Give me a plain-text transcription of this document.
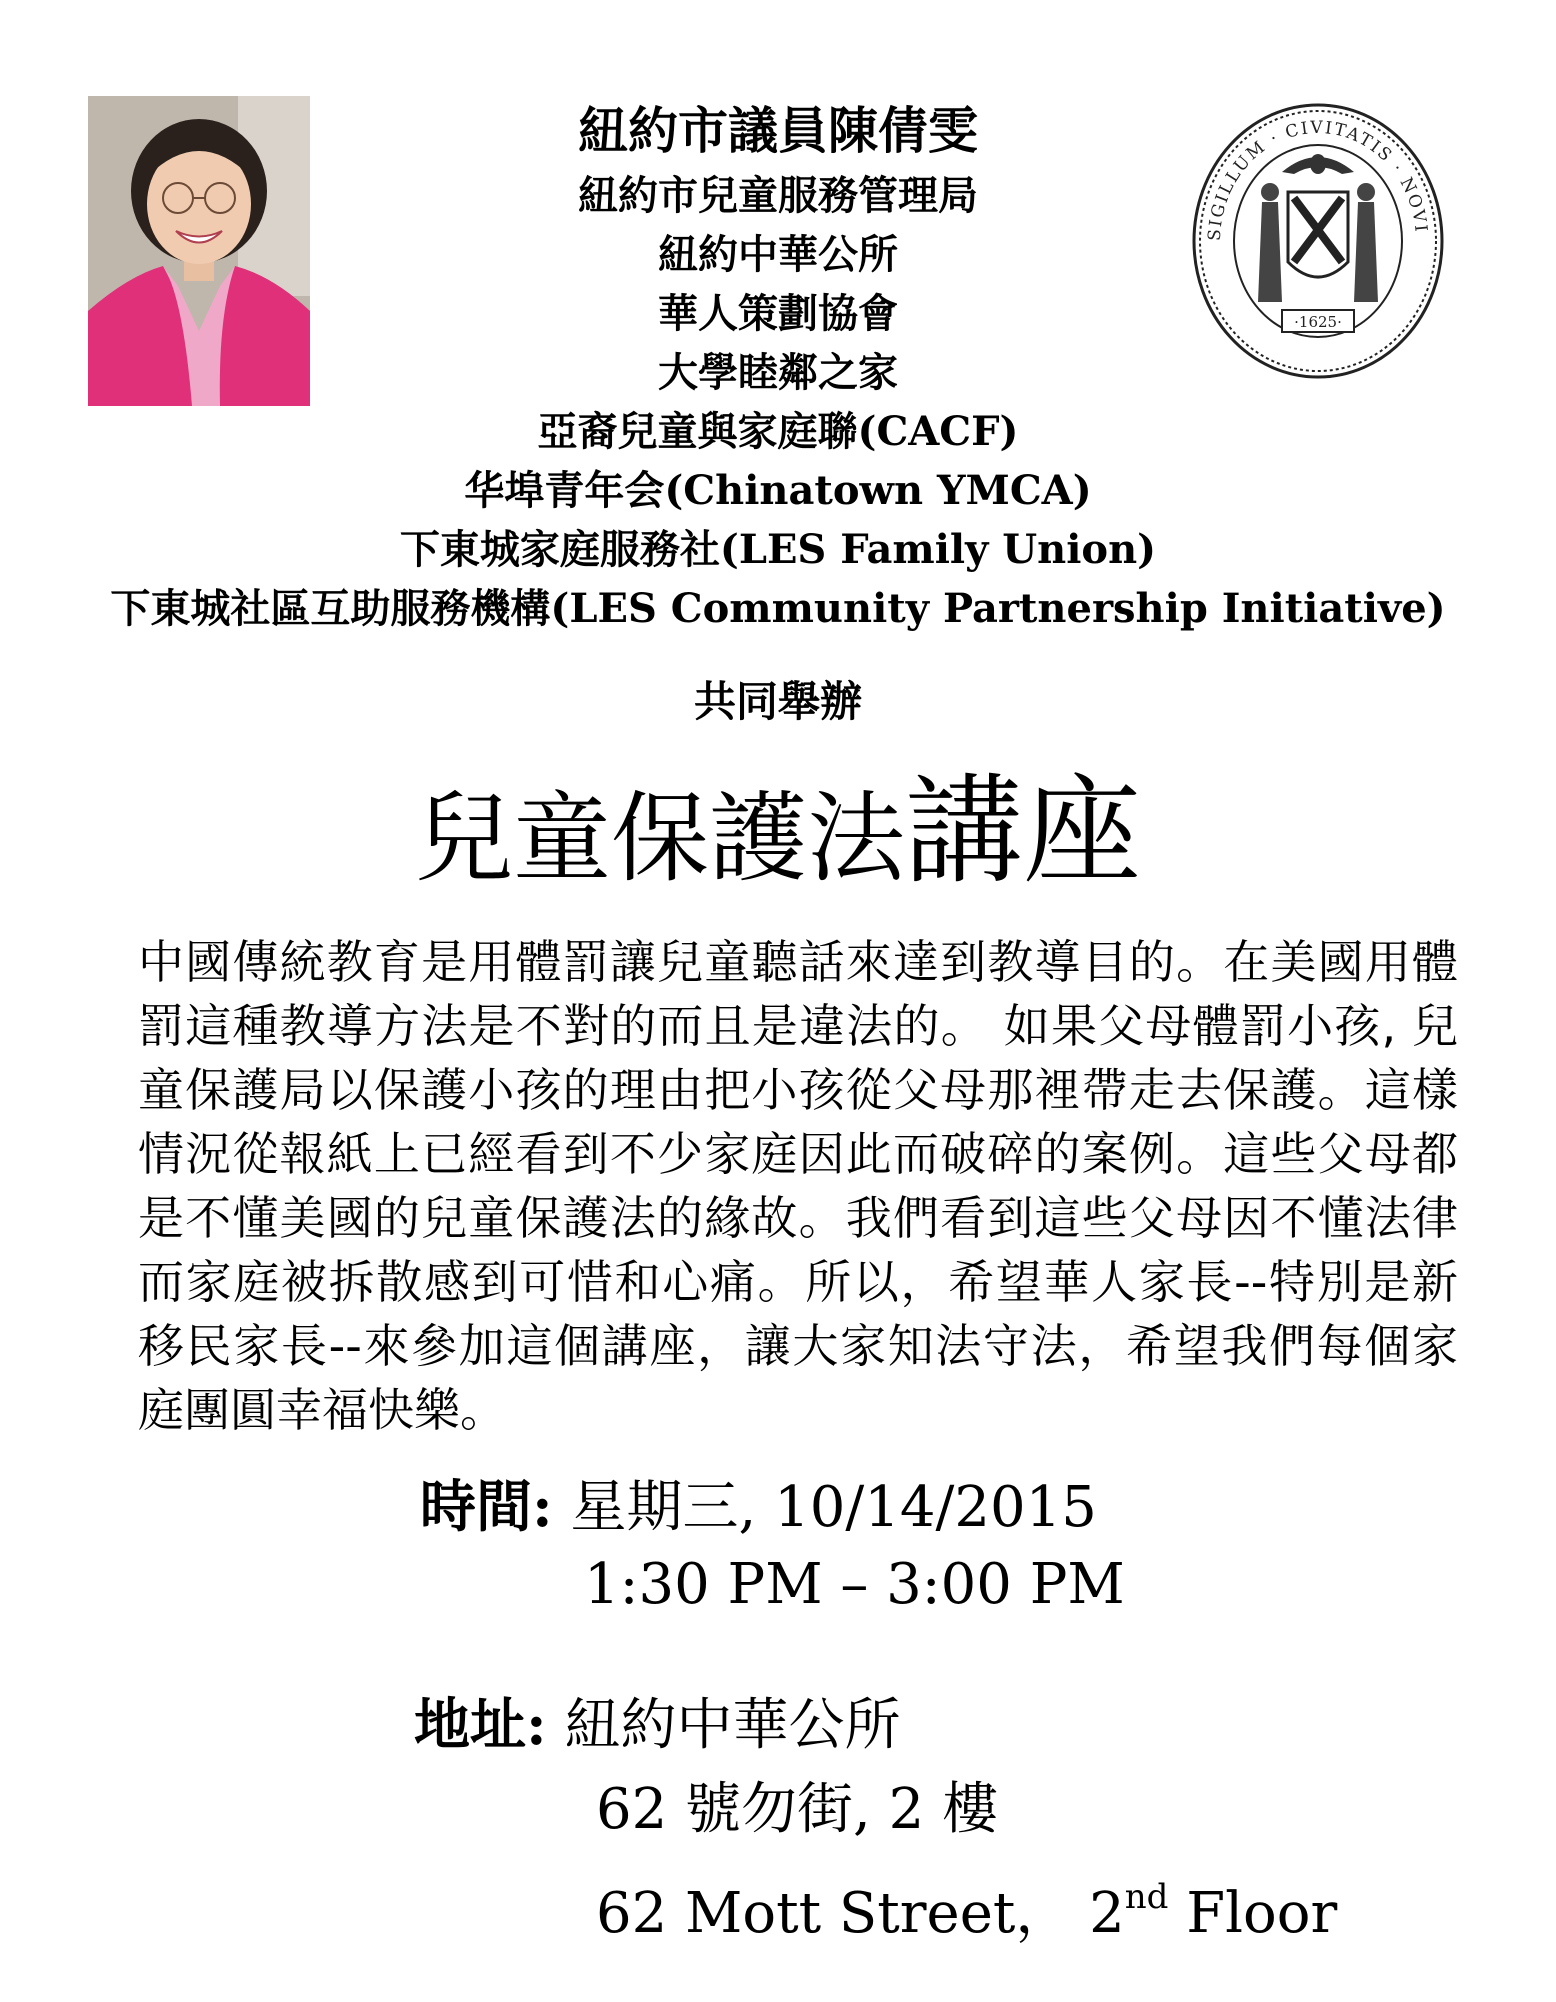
SIGILLUM · CIVITATIS · NOVI
·1625·
紐約市議員陳倩雯
紐約市兒童服務管理局
紐約中華公所
華人策劃協會
大學睦鄰之家
亞裔兒童與家庭聯(CACF)
华埠青年会(Chinatown YMCA)
下東城家庭服務社(LES Family Union)
下東城社區互助服務機構(LES Community Partnership Initiative)
共同舉辦
兒童保護法講座
中國傳統教育是用體罰讓兒童聽話來達到教導目的。在美國用體罰這種教導方法是不對的而且是違法的。 如果父母體罰小孩, 兒童保護局以保護小孩的理由把小孩從父母那裡帶走去保護。這樣情況從報紙上已經看到不少家庭因此而破碎的案例。這些父母都是不懂美國的兒童保護法的緣故。我們看到這些父母因不懂法律而家庭被拆散感到可惜和心痛。所以，希望華人家長--特別是新移民家長--來參加這個講座，讓大家知法守法，希望我們每個家庭團圓幸福快樂。
時間: 星期三, 10/14/2015
1:30 PM – 3:00 PM
地址: 紐約中華公所
62 號勿街, 2 樓
62 Mott Street， 2nd Floor
